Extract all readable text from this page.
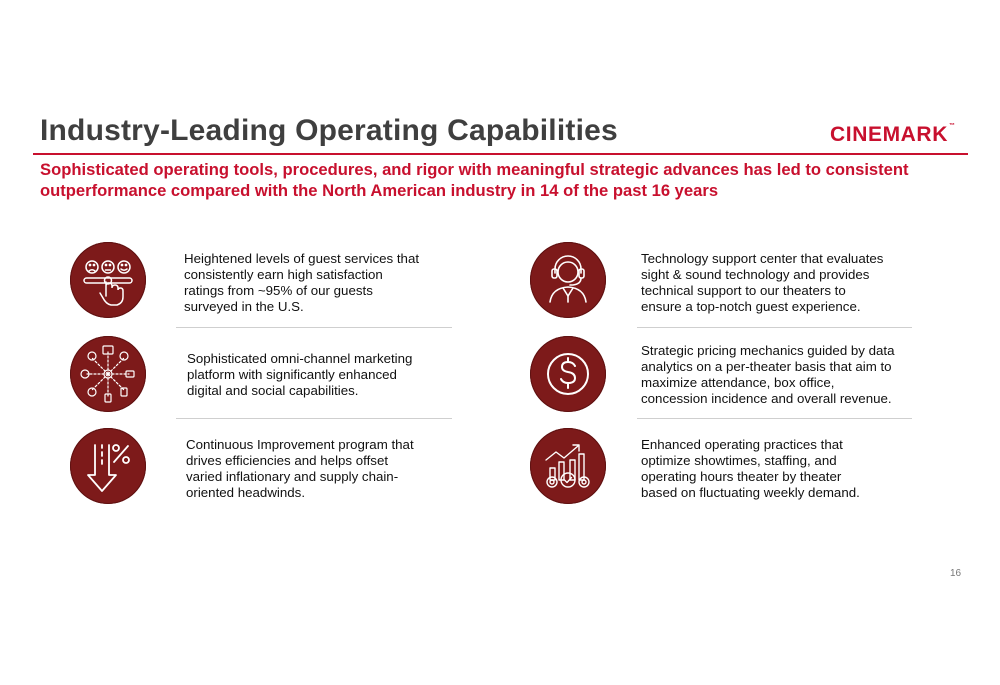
Industry-Leading Operating Capabilities	CINEMARK™
Sophisticated operating tools, procedures, and rigor with meaningful strategic advances has led to consistent outperformance compared with the North American industry in 14 of the past 16 years
Heightened levels of guest services that
consistently earn high satisfaction
ratings from ~95% of our guests
surveyed in the U.S.
Technology support center that evaluates
sight & sound technology and provides
technical support to our theaters to
ensure a top-notch guest experience.
Sophisticated omni-channel marketing
platform with significantly enhanced
digital and social capabilities.
Strategic pricing mechanics guided by data
analytics on a per-theater basis that aim to
maximize attendance, box office,
concession incidence and overall revenue.
Continuous Improvement program that
drives efficiencies and helps offset
varied inflationary and supply chain-
oriented headwinds.
Enhanced operating practices that
optimize showtimes, staffing, and
operating hours theater by theater
based on fluctuating weekly demand.
16
